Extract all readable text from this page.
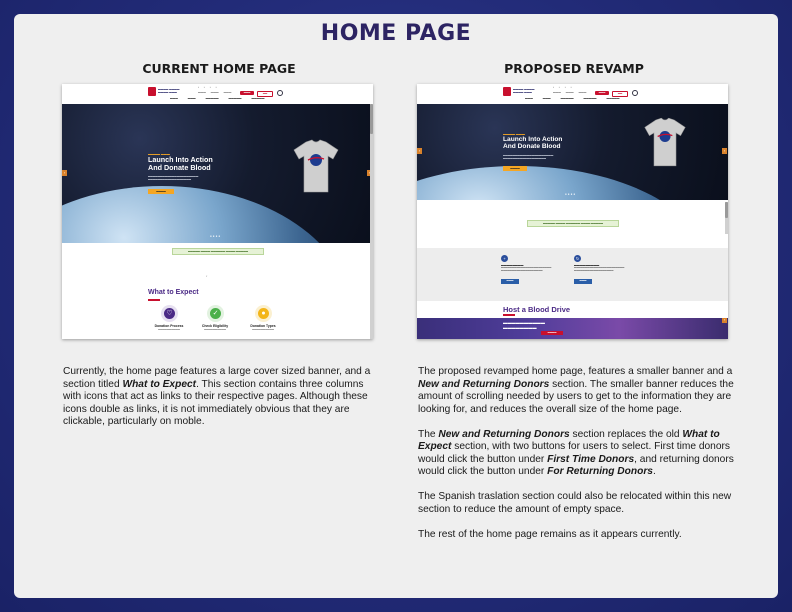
HOME PAGE
CURRENT HOME PAGE
▬▬▬▬ ▬▬▬▬
▬▬▬▬ ▬▬▬
▪ ▪ ▪ ▪
▬▬▬ ▬▬▬ ▬▬▬	▬▬▬	▬▬
▬▬▬	▬▬▬	▬▬▬▬▬	▬▬▬▬▬	▬▬▬▬▬
▬▬▬▬ ▬▬▬
Launch Into Action
And Donate Blood
▬▬▬▬▬▬▬▬▬▬▬▬▬▬▬▬▬▬▬▬▬
▬▬▬▬▬▬▬▬▬▬▬▬▬▬▬▬▬▬
▬▬▬▬
‹
●●●●
▬▬▬▬▬ ▬▬▬▬ ▬▬▬▬▬▬ ▬▬▬▬ ▬▬▬▬▬
▾
What to Expect
♡
Donation Process
▬▬▬▬▬▬▬▬▬▬
✓
Check Eligibility
▬▬▬▬▬▬▬▬▬▬
●
Donation Types
▬▬▬▬▬▬▬▬▬▬

Currently, the home page features a large cover sized banner, and a section titled What to Expect. This section contains three columns with icons that act as links to their respective pages. Although these icons double as links, it is not immediately obvious that they are clickable, particularly on moble.

PROPOSED REVAMP
▬▬▬▬ ▬▬▬▬
▬▬▬▬ ▬▬▬
▪ ▪ ▪ ▪
▬▬▬ ▬▬▬ ▬▬▬	▬▬▬	▬▬
▬▬▬	▬▬▬	▬▬▬▬▬	▬▬▬▬▬	▬▬▬▬▬
▬▬▬▬ ▬▬▬
Launch Into Action
And Donate Blood
▬▬▬▬▬▬▬▬▬▬▬▬▬▬▬▬▬▬▬▬▬
▬▬▬▬▬▬▬▬▬▬▬▬▬▬▬▬▬▬
▬▬▬▬
‹	›
●●●●
▬▬▬▬▬ ▬▬▬▬ ▬▬▬▬▬▬ ▬▬▬▬ ▬▬▬▬▬
+
▬▬▬▬▬▬▬▬
▬▬▬▬▬▬▬▬▬▬▬▬▬▬▬▬▬▬▬▬▬▬▬
▬▬▬▬▬▬▬▬▬▬▬▬▬▬▬▬▬▬▬
▬▬▬
↻
▬▬▬▬▬▬▬▬▬
▬▬▬▬▬▬▬▬▬▬▬▬▬▬▬▬▬▬▬▬▬▬▬
▬▬▬▬▬▬▬▬▬▬▬▬▬▬▬▬▬▬
▬▬▬
Host a Blood Drive
▬▬▬▬▬▬▬▬▬▬
▬▬▬▬▬▬▬▬
▬▬▬▬
›

The proposed revamped home page, features a smaller banner and a New and Returning Donors section. The smaller banner reduces the amount of scrolling needed by users to get to the information they are looking for, and reduces the overall size of the home page.

The New and Returning Donors section replaces the old What to Expect section, with two buttons for users to select. First time donors would click the button under First Time Donors, and returning donors would click the button under For Returning Donors.

The Spanish traslation section could also be relocated within this new section to reduce the amount of empty space.

The rest of the home page remains as it appears currently.
